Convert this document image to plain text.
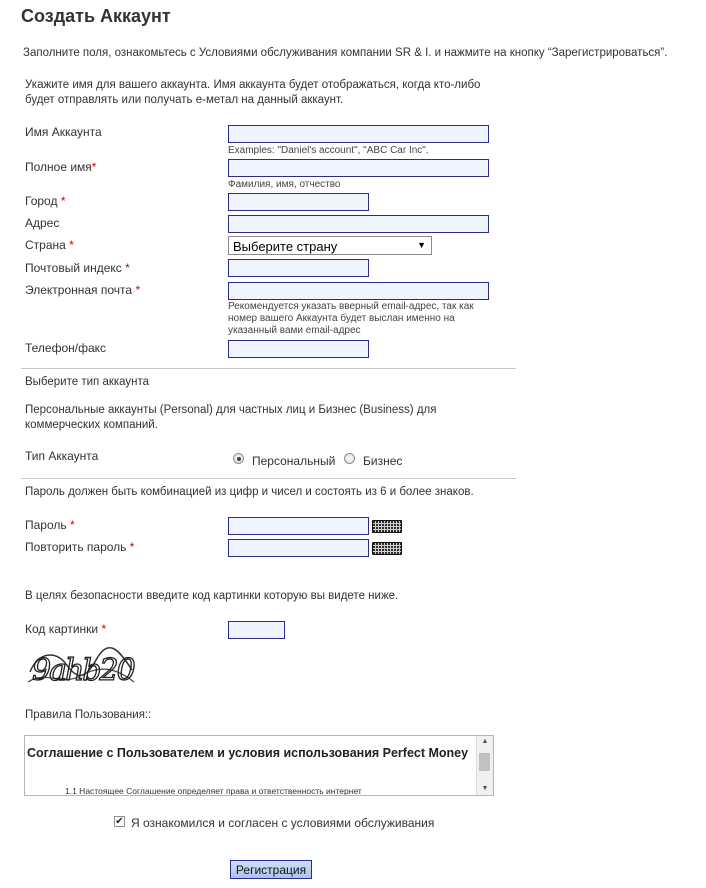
Создать Аккаунт
Заполните поля, ознакомьтесь с Условиями обслуживания компании SR & I. и нажмите на кнопку “Зарегистрироваться”.
Укажите имя для вашего аккаунта. Имя аккаунта будет отображаться, когда кто-либо
будет отправлять или получать е-метал на данный аккаунт.
Имя Аккаунта
Examples: "Daniel's account", "ABC Car Inc".
Полное имя*
Фамилия, имя, отчество
Город *
Адрес
Страна *	Выберите страну	▼
Почтовый индекс *
Электронная почта *
Рекомендуется указать вверный email-адрес, так как
номер вашего Аккаунта будет выслан именно на
указанный вами email-адрес
Телефон/факс
Выберите тип аккаунта
Персональные аккаунты (Personal) для частных лиц и Бизнес (Business) для
коммерческих компаний.
Тип Аккаунта	Персональный Бизнес
Пароль должен быть комбинацией из цифр и чисел и состоять из 6 и более знаков.
Пароль *
Повторить пароль *
В целях безопасности введите код картинки которую вы видете ниже.
Код картинки *
9ahb20
Правила Пользования::
Соглашение с Пользователем и условия использования Perfect Money
1.1 Настоящее Соглашение определяет права и ответственность интернет
▲
▼
✔ Я ознакомился и согласен с условиями обслуживания
Регистрация
